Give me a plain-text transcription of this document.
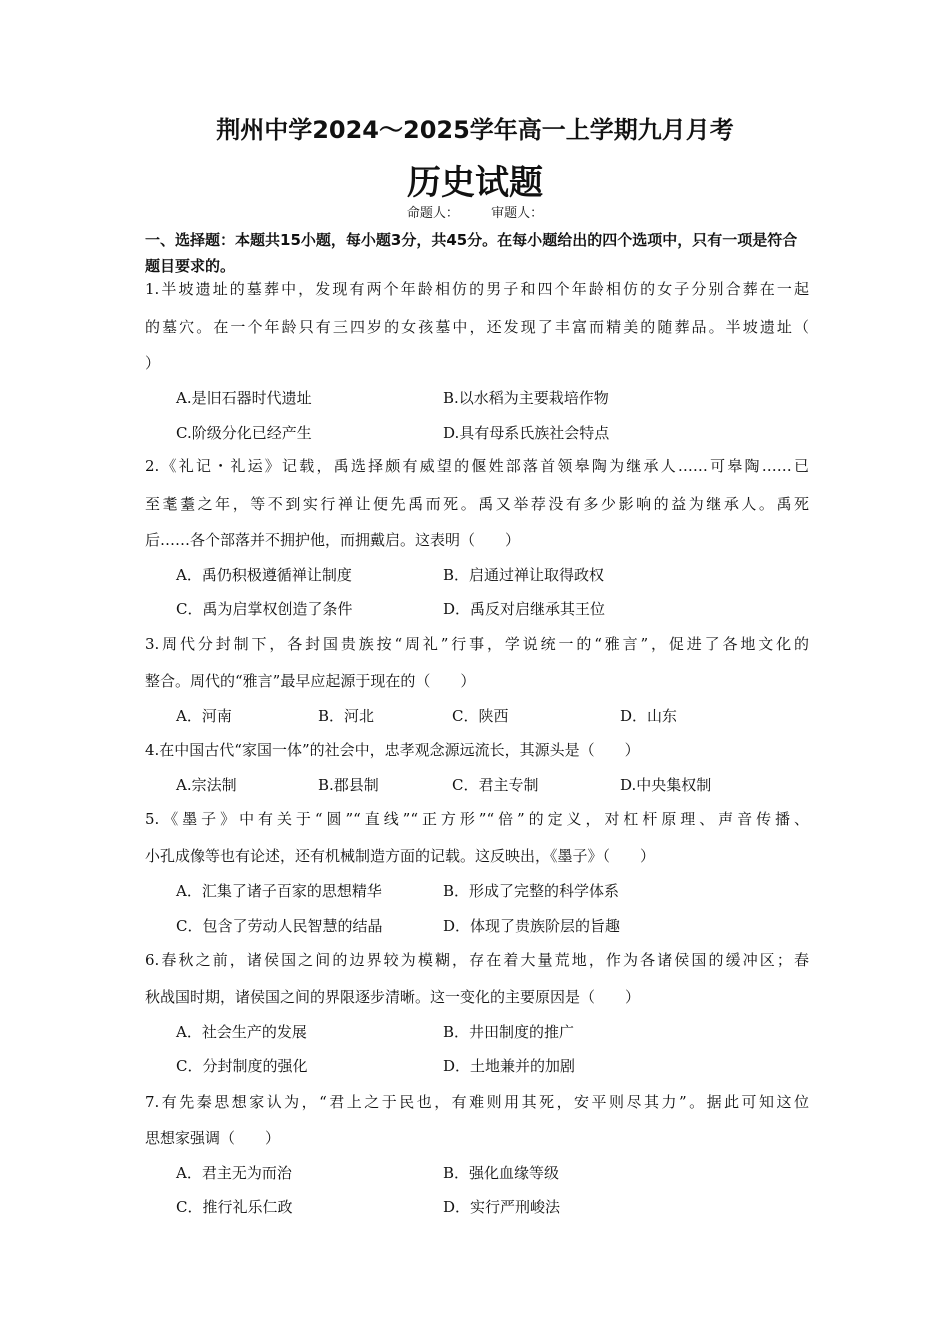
荆州中学2024～2025学年高一上学期九月月考
历史试题
命题人： 审题人：
一、选择题：本题共15小题，每小题3分，共45分。在每小题给出的四个选项中，只有一项是符合题目要求的。
1.半坡遗址的墓葬中，发现有两个年龄相仿的男子和四个年龄相仿的女子分别合葬在一起
的墓穴。在一个年龄只有三四岁的女孩墓中，还发现了丰富而精美的随葬品。半坡遗址（
）
A.是旧石器时代遗址	B.以水稻为主要栽培作物
C.阶级分化已经产生	D.具有母系氏族社会特点
2.《礼记・礼运》记载，禹选择颇有威望的偃姓部落首领皋陶为继承人……可皋陶……已
至耄耋之年，等不到实行禅让便先禹而死。禹又举荐没有多少影响的益为继承人。禹死
后……各个部落并不拥护他，而拥戴启。这表明（　　）
A．禹仍积极遵循禅让制度	B．启通过禅让取得政权
C．禹为启掌权创造了条件	D．禹反对启继承其王位
3.周代分封制下，各封国贵族按“周礼”行事，学说统一的“雅言”，促进了各地文化的
整合。周代的“雅言”最早应起源于现在的（　　）
A．河南	B．河北	C．陕西	D．山东
4.在中国古代“家国一体”的社会中，忠孝观念源远流长，其源头是（　　）
A.宗法制	B.郡县制	C．君主专制	D.中央集权制
5.《墨子》中有关于“圆”“直线”“正方形”“倍”的定义，对杠杆原理、声音传播、
小孔成像等也有论述，还有机械制造方面的记载。这反映出，《墨子》（　　）
A．汇集了诸子百家的思想精华	B．形成了完整的科学体系
C．包含了劳动人民智慧的结晶	D．体现了贵族阶层的旨趣
6.春秋之前，诸侯国之间的边界较为模糊，存在着大量荒地，作为各诸侯国的缓冲区；春
秋战国时期，诸侯国之间的界限逐步清晰。这一变化的主要原因是（　　）
A．社会生产的发展	B．井田制度的推广
C．分封制度的强化	D．土地兼并的加剧
7.有先秦思想家认为，“君上之于民也，有难则用其死，安平则尽其力”。据此可知这位
思想家强调（　　）
A．君主无为而治	B．强化血缘等级
C．推行礼乐仁政	D．实行严刑峻法
